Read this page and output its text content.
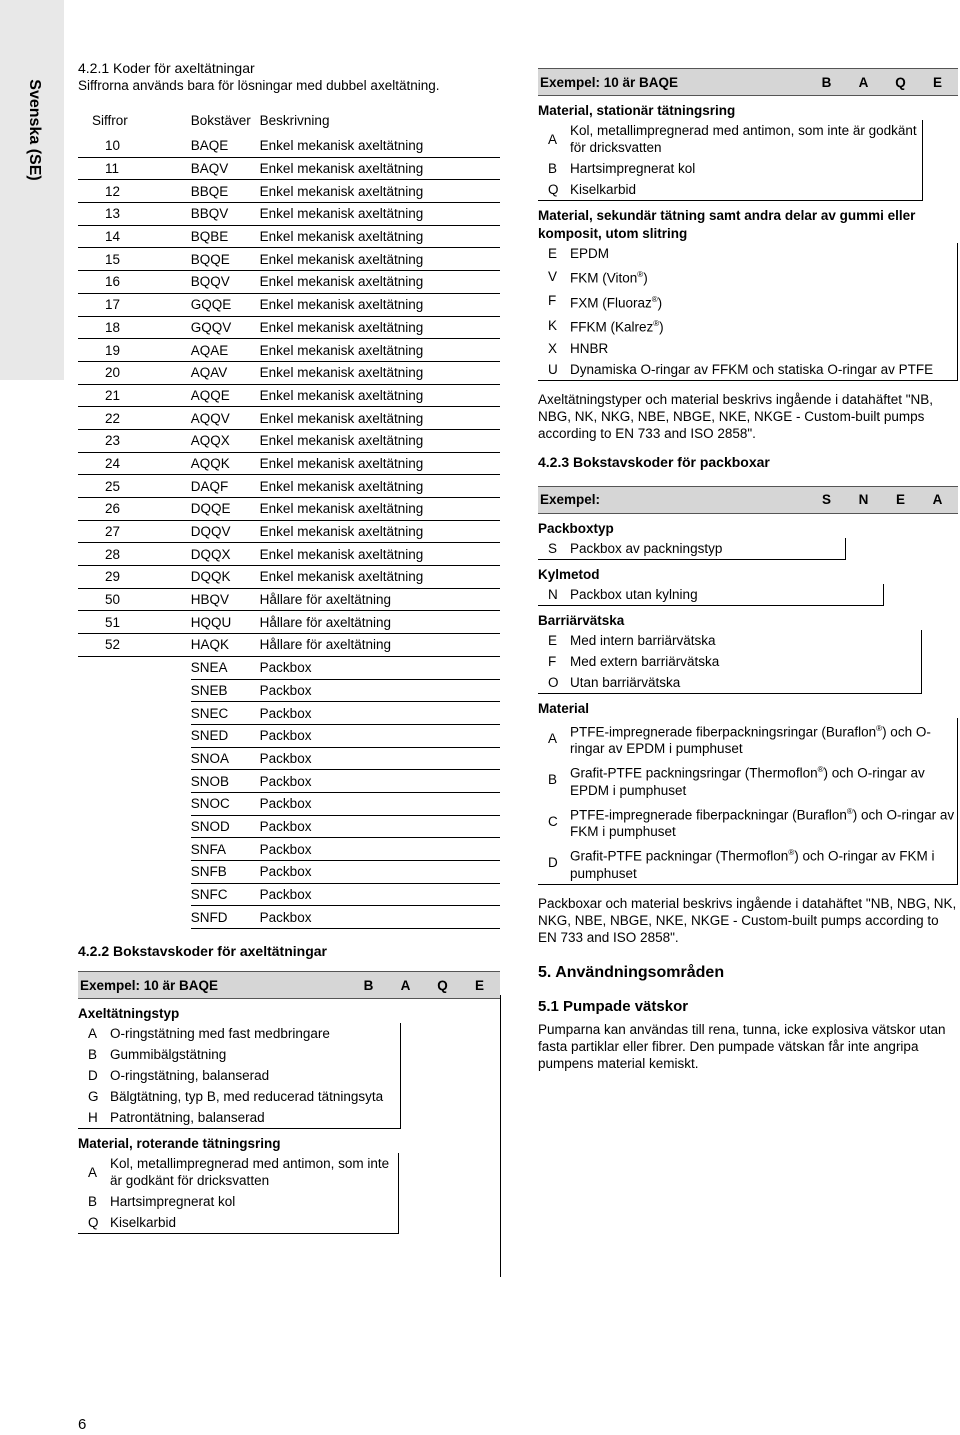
Svenska (SE)
4.2.1 Koder för axeltätningar
Siffrorna används bara för lösningar med dubbel axeltätning.
Siffror	Bokstäver	Beskrivning
10	BAQE	Enkel mekanisk axeltätning
11	BAQV	Enkel mekanisk axeltätning
12	BBQE	Enkel mekanisk axeltätning
13	BBQV	Enkel mekanisk axeltätning
14	BQBE	Enkel mekanisk axeltätning
15	BQQE	Enkel mekanisk axeltätning
16	BQQV	Enkel mekanisk axeltätning
17	GQQE	Enkel mekanisk axeltätning
18	GQQV	Enkel mekanisk axeltätning
19	AQAE	Enkel mekanisk axeltätning
20	AQAV	Enkel mekanisk axeltätning
21	AQQE	Enkel mekanisk axeltätning
22	AQQV	Enkel mekanisk axeltätning
23	AQQX	Enkel mekanisk axeltätning
24	AQQK	Enkel mekanisk axeltätning
25	DAQF	Enkel mekanisk axeltätning
26	DQQE	Enkel mekanisk axeltätning
27	DQQV	Enkel mekanisk axeltätning
28	DQQX	Enkel mekanisk axeltätning
29	DQQK	Enkel mekanisk axeltätning
50	HBQV	Hållare för axeltätning
51	HQQU	Hållare för axeltätning
52	HAQK	Hållare för axeltätning
	SNEA	Packbox
	SNEB	Packbox
	SNEC	Packbox
	SNED	Packbox
	SNOA	Packbox
	SNOB	Packbox
	SNOC	Packbox
	SNOD	Packbox
	SNFA	Packbox
	SNFB	Packbox
	SNFC	Packbox
	SNFD	Packbox
4.2.2 Bokstavskoder för axeltätningar
Exempel: 10 är BAQE	B	A	Q	E
Axeltätningstyp
A O-ringstätning med fast medbringare
B Gummibälgstätning
D O-ringstätning, balanserad
G Bälgtätning, typ B, med reducerad tätningsyta
H Patrontätning, balanserad
Material, roterande tätningsring
A
Kol, metallimpregnerad med antimon, som inte är godkänt för dricksvatten
B Hartsimpregnerat kol
Q Kiselkarbid
Exempel: 10 är BAQE	B	A	Q	E
Material, stationär tätningsring
A
Kol, metallimpregnerad med antimon, som inte är godkänt för dricksvatten
B Hartsimpregnerat kol
Q Kiselkarbid
Material, sekundär tätning samt andra delar av gummi eller komposit, utom slitring
E EPDM
V FKM (Viton®)
F	FXM (Fluoraz®)
K FFKM (Kalrez®)
X HNBR
U Dynamiska O-ringar av FFKM och statiska O-ringar av PTFE
Axeltätningstyper och material beskrivs ingående i datahäftet "NB, NBG, NK, NKG, NBE, NBGE, NKE, NKGE - Custom-built pumps according to EN 733 and ISO 2858".
4.2.3 Bokstavskoder för packboxar
Exempel:	S	N	E	A
Packboxtyp
S Packbox av packningstyp
Kylmetod
N Packbox utan kylning
Barriärvätska
E Med intern barriärvätska
F	Med extern barriärvätska
O Utan barriärvätska
Material
A PTFE-impregnerade fiberpackningsringar (Buraflon®) och O-ringar av EPDM i pumphuset
B Grafit-PTFE packningsringar (Thermoflon®) och O-ringar av EPDM i pumphuset
C PTFE-impregnerade fiberpackningar (Buraflon®) och O-ringar av FKM i pumphuset
D Grafit-PTFE packningar (Thermoflon®) och O-ringar av FKM i pumphuset
Packboxar och material beskrivs ingående i datahäftet "NB, NBG, NK, NKG, NBE, NBGE, NKE, NKGE - Custom-built pumps according to EN 733 and ISO 2858".
5. Användningsområden
5.1 Pumpade vätskor
Pumparna kan användas till rena, tunna, icke explosiva vätskor utan fasta partiklar eller fibrer. Den pumpade vätskan får inte angripa pumpens material kemiskt.
6
